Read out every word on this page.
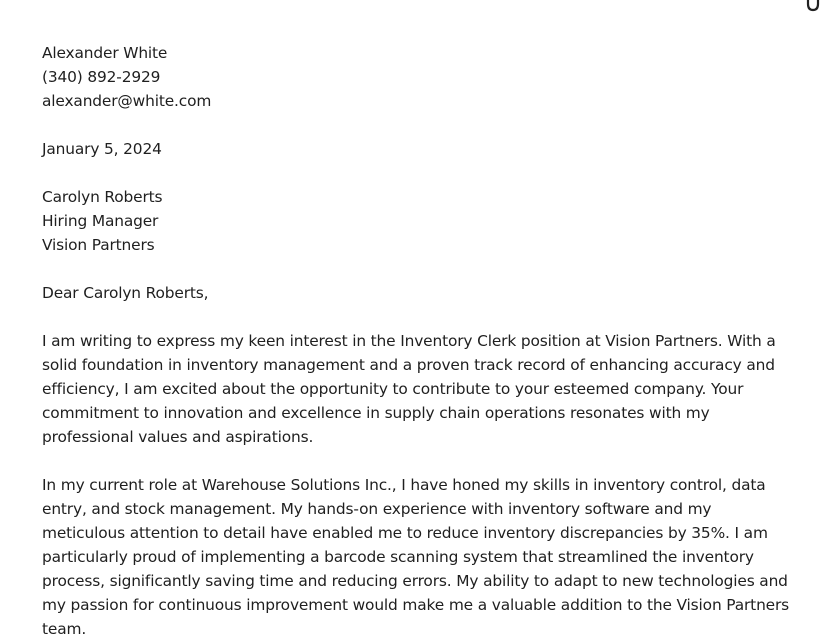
Alexander White
(340) 892-2929
alexander@white.com
January 5, 2024
Carolyn Roberts
Hiring Manager
Vision Partners
Dear Carolyn Roberts,
I am writing to express my keen interest in the Inventory Clerk position at Vision Partners. With a solid foundation in inventory management and a proven track record of enhancing accuracy and efficiency, I am excited about the opportunity to contribute to your esteemed company. Your commitment to innovation and excellence in supply chain operations resonates with my professional values and aspirations.
In my current role at Warehouse Solutions Inc., I have honed my skills in inventory control, data entry, and stock management. My hands-on experience with inventory software and my meticulous attention to detail have enabled me to reduce inventory discrepancies by 35%. I am particularly proud of implementing a barcode scanning system that streamlined the inventory process, significantly saving time and reducing errors. My ability to adapt to new technologies and my passion for continuous improvement would make me a valuable addition to the Vision Partners team.
